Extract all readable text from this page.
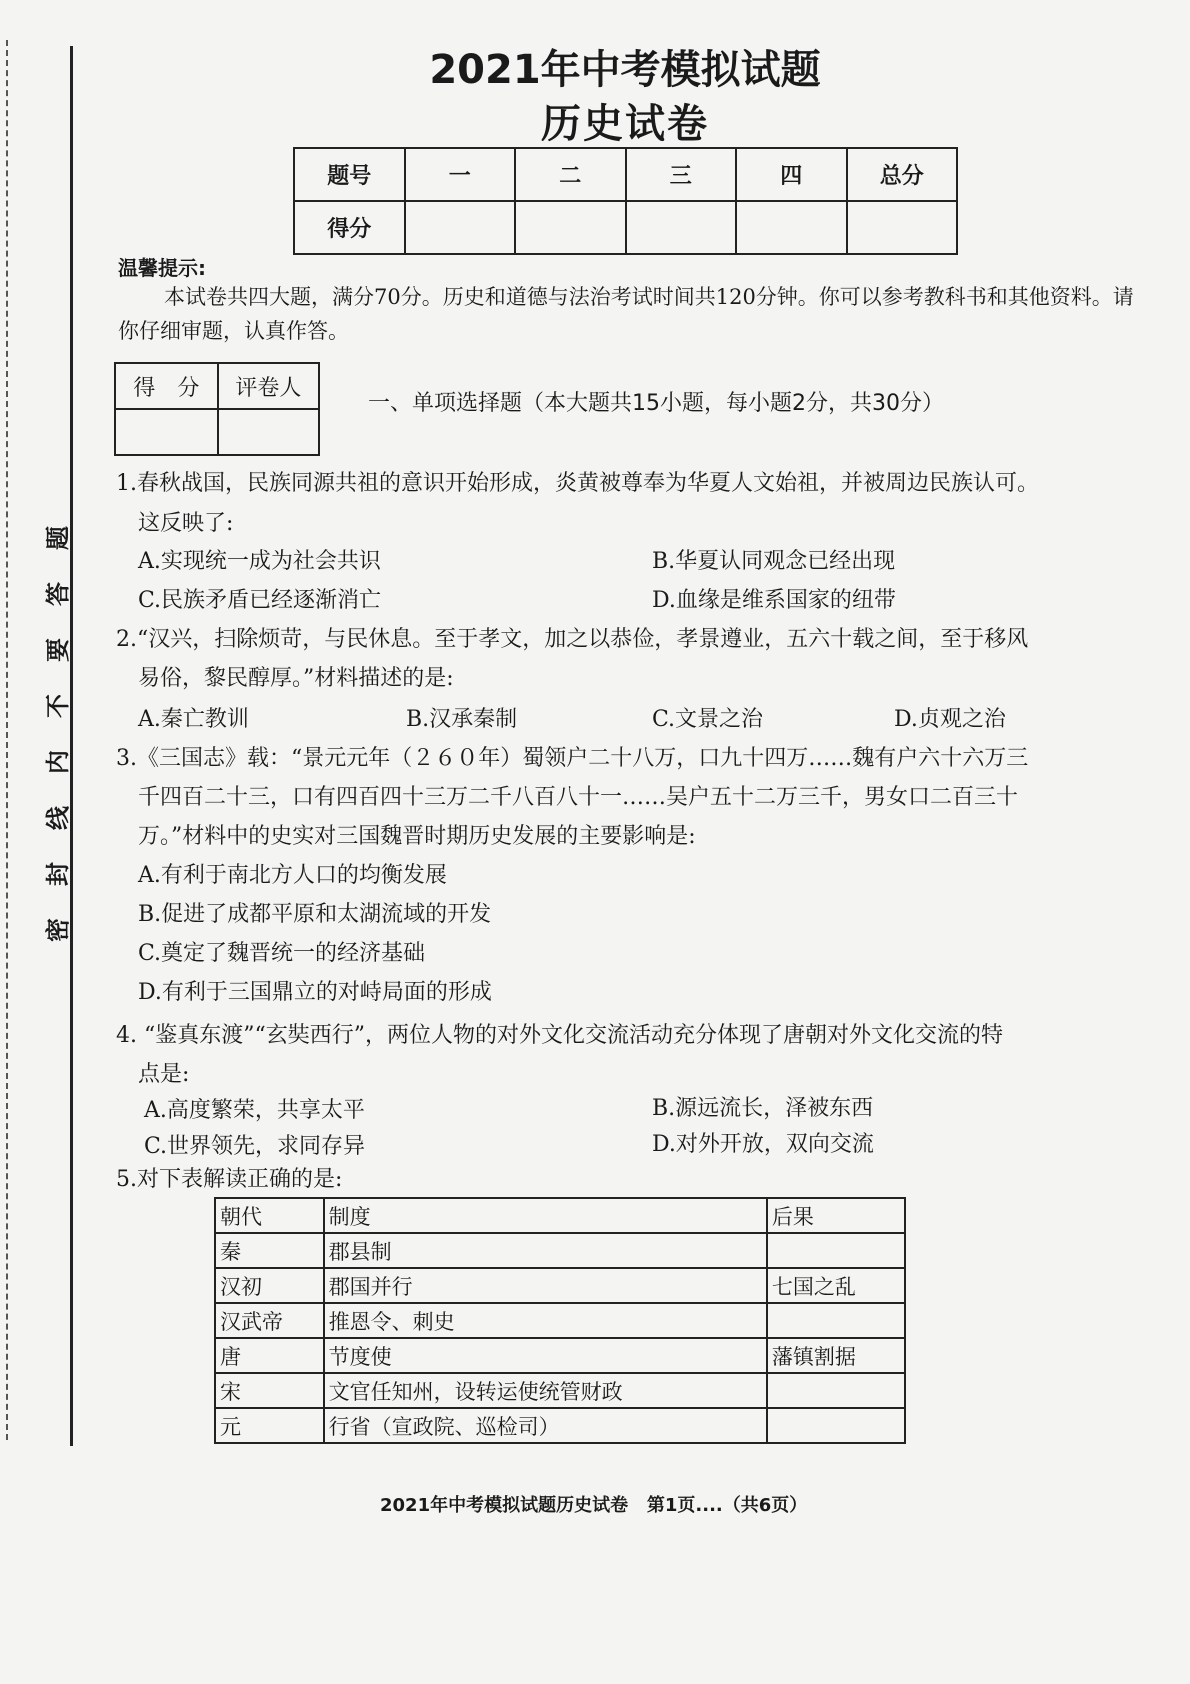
题
答
要
不
内
线
封
密
2021年中考模拟试题
历史试卷
题号	一	二	三	四	总分
得分					
温馨提示:
本试卷共四大题，满分70分。历史和道德与法治考试时间共120分钟。你可以参考教科书和其他资料。请你仔细审题，认真作答。
得　分	评卷人

一、单项选择题（本大题共15小题，每小题2分，共30分）
1.春秋战国，民族同源共祖的意识开始形成，炎黄被尊奉为华夏人文始祖，并被周边民族认可。
这反映了:
A.实现统一成为社会共识	B.华夏认同观念已经出现
C.民族矛盾已经逐渐消亡	D.血缘是维系国家的纽带
2.“汉兴，扫除烦苛，与民休息。至于孝文，加之以恭俭，孝景遵业，五六十载之间，至于移风
易俗，黎民醇厚。”材料描述的是:
A.秦亡教训	B.汉承秦制	C.文景之治	D.贞观之治
3.《三国志》载：“景元元年（２６０年）蜀领户二十八万，口九十四万……魏有户六十六万三
千四百二十三，口有四百四十三万二千八百八十一……吴户五十二万三千，男女口二百三十
万。”材料中的史实对三国魏晋时期历史发展的主要影响是:
A.有利于南北方人口的均衡发展
B.促进了成都平原和太湖流域的开发
C.奠定了魏晋统一的经济基础
D.有利于三国鼎立的对峙局面的形成
4. “鉴真东渡”“玄奘西行”，两位人物的对外文化交流活动充分体现了唐朝对外文化交流的特
点是:
A.高度繁荣，共享太平	B.源远流长，泽被东西
C.世界领先，求同存异	D.对外开放，双向交流
5.对下表解读正确的是:
朝代	制度	后果
秦	郡县制	
汉初	郡国并行	七国之乱
汉武帝	推恩令、刺史	
唐	节度使	藩镇割据
宋	文官任知州，设转运使统管财政	
元	行省（宣政院、巡检司）	
2021年中考模拟试题历史试卷   第1页....（共6页）
